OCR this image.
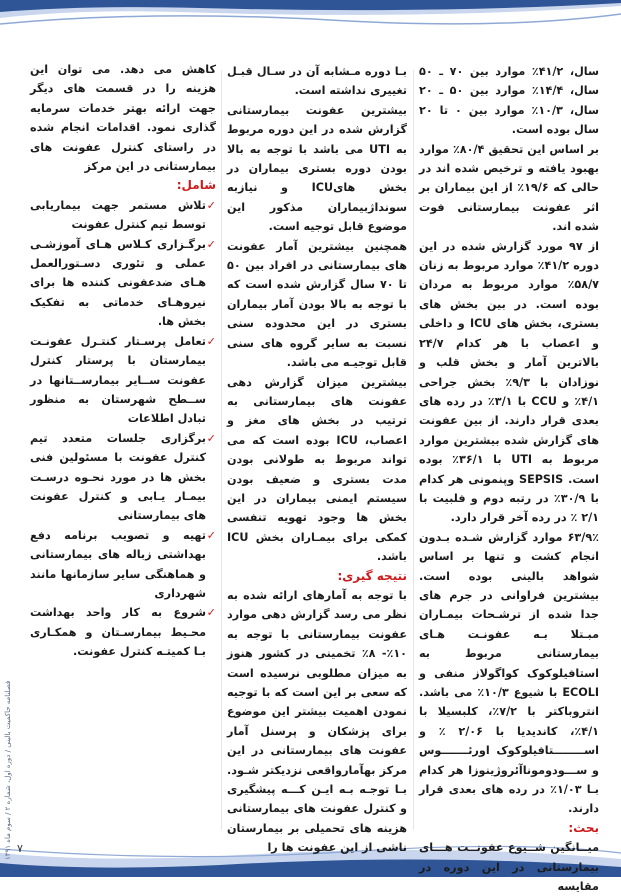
فصلنامه حاکمیت بالینی / دوره اول، شماره ۲ / سوم ماه ۱۳۹۱
۷

سال، ۴۱/۲٪ موارد بین ۷۰ ـ ۵۰ سال، ۱۴/۴٪ موارد بین ۵۰ ـ ۲۰ سال، ۱۰/۳٪ موارد بین ۰ تا ۲۰ سال بوده است.

بر اساس این تحقیق ۸۰/۴٪ موارد بهبود یافته و ترخیص شده اند در حالی که ۱۹/۶٪ از این بیماران بر اثر عفونت بیمارستانی فوت شده اند.

از ۹۷ مورد گزارش شده در این دوره ۴۱/۲٪ موارد مربوط به زنان ۵۸/۷٪ موارد مربوط به مردان بوده است. در بین بخش های بستری، بخش های ICU و داخلی و اعصاب با هر کدام ۲۴/۷ بالاترین آمار و بخش قلب و نوزادان با ۹/۳٪ بخش جراحی ۴/۱٪ و CCU با ۳/۱٪ در رده های بعدی قرار دارند. از بین عفونت های گزارش شده بیشترین موارد مربوط به UTI با ۳۶/۱٪ بوده است. SEPSIS وپنمونی هر کدام با ۳۰/۹٪ در رتبه دوم و فلبیت با ۲/۱ ٪ در رده آخر قرار دارد.

۶۳/۹٪ موارد گزارش شـده بـدون انجام کشت و تنها بر اساس شواهد بالینی بوده است. بیشترین فراوانی در جرم های جدا شده از ترشـحات بیمـاران مبـتلا بـه عفونـت هـای بیمارستانی مربوط به استافیلوکوک کواگولاز منفی و ECOLI با شیوع ۱۰/۳٪ می باشد. انتروباکتر با ۷/۲٪، کلبسیلا با ۴/۱٪، کاندیدیا با ۲/۰۶ ٪ و اســــــــتافیلوکوک اورئـــــــوس و ســـودوموناآئروژینوزا هر کدام بـا ۱/۰۳٪ در رده های بعدی قرار دارند.

بحث:

میــانگین شــیوع عفونــت هـــای بیمارستانی در این دوره در مقایسه

بـا دوره مـشابه آن در سـال قبـل تغییری نداشته است.

بیشترین عفونت بیمارستانی گزارش شده در این دوره مربوط به UTI می باشد با توجه به بالا بودن دوره بستری بیماران در بخش هایICU و نیازبه سونداژبیماران مذکور این موضوع قابل توجیه است.

همچنین بیشترین آمار عفونت های بیمارستانی در افراد بین ۵۰ تا ۷۰ سال گزارش شده است که با توجه به بالا بودن آمار بیماران بستری در این محدوده سنی نسبت به سایر گروه های سنی قابل توجیـه می باشد.

بیشترین میزان گزارش دهی عفونت های بیمارستانی به ترتیب در بخش های مغز و اعصاب، ICU بوده است که می تواند مربوط به طولانی بودن مدت بستری و ضعیف بودن سیستم ایمنی بیماران در این بخش ها وجود تهویه تنفسی کمکی برای بیمـاران بخش ICU باشد.

نتیجه گیری:

با توجه به آمارهای ارائه شده به نظر می رسد گزارش دهی موارد عفونت بیمارستانی با توجه به ۱۰٪- ۸٪ تخمینی در کشور هنوز به میزان مطلوبی نرسیده است که سعی بر این است که با توجیه نمودن اهمیت بیشتر این موضوع برای پزشکان و پرسنل آمار عفونت های بیمارستانی در این مرکز بهآمارواقعی نزدیکتر شـود. بـا توجـه بـه ایـن کـــه پیشگیری و کنترل عفونت های بیمارستانی هزینه های تحمیلی بر بیمارستان ناشی از این عفونت ها را

کاهش می دهد. می توان این هزینه را در قسمت های دیگر جهت ارائه بهتر خدمات سرمایه گذاری نمود. اقدامات انجام شده در راستای کنترل عفونت های بیمارستانی در این مرکز

شامل:

✓
تلاش مستمر جهت بیماریابی توسط تیم کنترل عفونت
✓
برگـزاری کـلاس هـای آموزشـی عملی و تئوری دسـتورالعمل هـای ضدعفونی کننده ها برای نیروهـای خدماتی به تفکیک بخش ها.
✓
تعامل پرسـتار کنتـرل عفونـت بیمارستان با پرستار کنترل عفونت ســایر بیمارســتانها در ســطح شهرستان به منظور تبادل اطلاعات
✓
برگزاری جلسات متعدد تیم کنترل عفونت با مسئولین فنی بخش ها در مورد نحـوه درسـت بیمـار یـابی و کنترل عفونت های بیمارستانی
✓
تهیه و تصویب برنامه دفع بهداشتی زباله های بیمارستانی و هماهنگی سایر سازمانها مانند شهرداری
✓
شروع به کار واحد بهداشت محـیط بیمارسـتان و همکـاری بـا کمیتـه کنترل عفونت.
